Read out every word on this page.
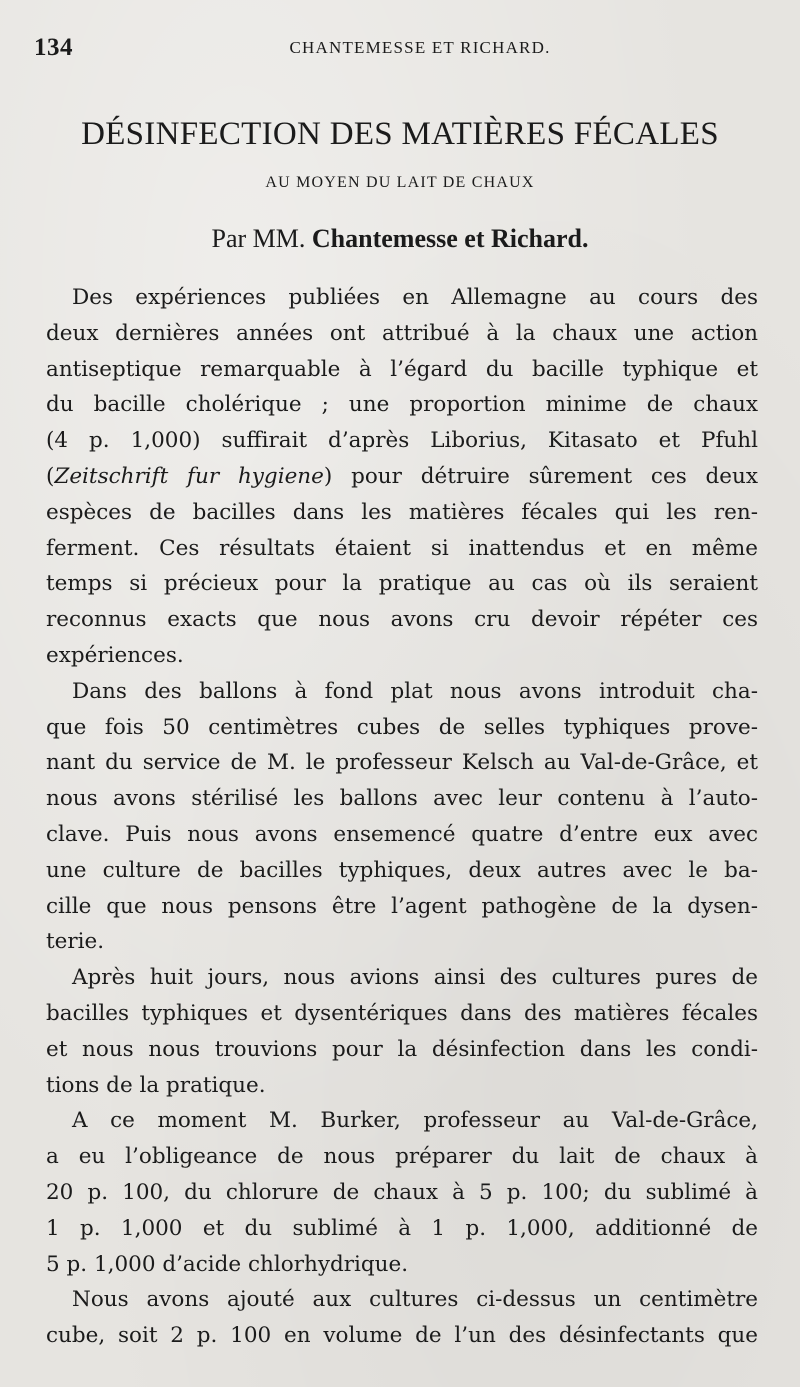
134	CHANTEMESSE ET RICHARD.
DÉSINFECTION DES MATIÈRES FÉCALES
AU MOYEN DU LAIT DE CHAUX
Par MM. Chantemesse et Richard.
Des expériences publiées en Allemagne au cours des
deux dernières années ont attribué à la chaux une action
antiseptique remarquable à l’égard du bacille typhique et
du bacille cholérique ; une proportion minime de chaux
(4 p. 1,000) suffirait d’après Liborius, Kitasato et Pfuhl
(Zeitschrift fur hygiene) pour détruire sûrement ces deux
espèces de bacilles dans les matières fécales qui les ren-
ferment. Ces résultats étaient si inattendus et en même
temps si précieux pour la pratique au cas où ils seraient
reconnus exacts que nous avons cru devoir répéter ces
expériences.
Dans des ballons à fond plat nous avons introduit cha-
que fois 50 centimètres cubes de selles typhiques prove-
nant du service de M. le professeur Kelsch au Val-de-Grâce, et
nous avons stérilisé les ballons avec leur contenu à l’auto-
clave. Puis nous avons ensemencé quatre d’entre eux avec
une culture de bacilles typhiques, deux autres avec le ba-
cille que nous pensons être l’agent pathogène de la dysen-
terie.
Après huit jours, nous avions ainsi des cultures pures de
bacilles typhiques et dysentériques dans des matières fécales
et nous nous trouvions pour la désinfection dans les condi-
tions de la pratique.
A ce moment M. Burker, professeur au Val-de-Grâce,
a eu l’obligeance de nous préparer du lait de chaux à
20 p. 100, du chlorure de chaux à 5 p. 100; du sublimé à
1 p. 1,000 et du sublimé à 1 p. 1,000, additionné de
5 p. 1,000 d’acide chlorhydrique.
Nous avons ajouté aux cultures ci-dessus un centimètre
cube, soit 2 p. 100 en volume de l’un des désinfectants que
